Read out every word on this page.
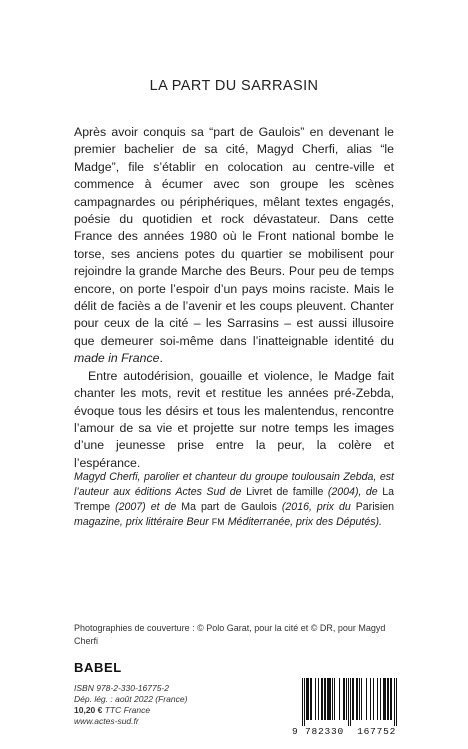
LA PART DU SARRASIN

Après avoir conquis sa “part de Gaulois” en devenant le premier bachelier de sa cité, Magyd Cherfi, alias “le Madge”, file s’établir en colocation au centre-ville et commence à écumer avec son groupe les scènes campagnardes ou périphériques, mêlant textes engagés, poésie du quotidien et rock dévastateur. Dans cette France des années 1980 où le Front national bombe le torse, ses anciens potes du quartier se mobilisent pour rejoindre la grande Marche des Beurs. Pour peu de temps encore, on porte l’espoir d’un pays moins raciste. Mais le délit de faciès a de l’avenir et les coups pleuvent. Chanter pour ceux de la cité – les Sarrasins – est aussi illusoire que demeurer soi-même dans l’inatteignable identité du made in France.

Entre autodérision, gouaille et violence, le Madge fait chanter les mots, revit et restitue les années pré-Zebda, évoque tous les désirs et tous les malentendus, rencontre l’amour de sa vie et projette sur notre temps les images d’une jeunesse prise entre la peur, la colère et l’espérance.

Magyd Cherfi, parolier et chanteur du groupe toulousain Zebda, est l’auteur aux éditions Actes Sud de Livret de famille (2004), de La Trempe (2007) et de Ma part de Gaulois (2016, prix du Parisien magazine, prix littéraire Beur FM Méditerranée, prix des Députés).
Photographies de couverture : © Polo Garat, pour la cité et © DR, pour Magyd Cherfi
BABEL
ISBN 978-2-330-16775-2
Dép. lég. : août 2022 (France)
10,20 € TTC France
www.actes-sud.fr
9 782330 167752
